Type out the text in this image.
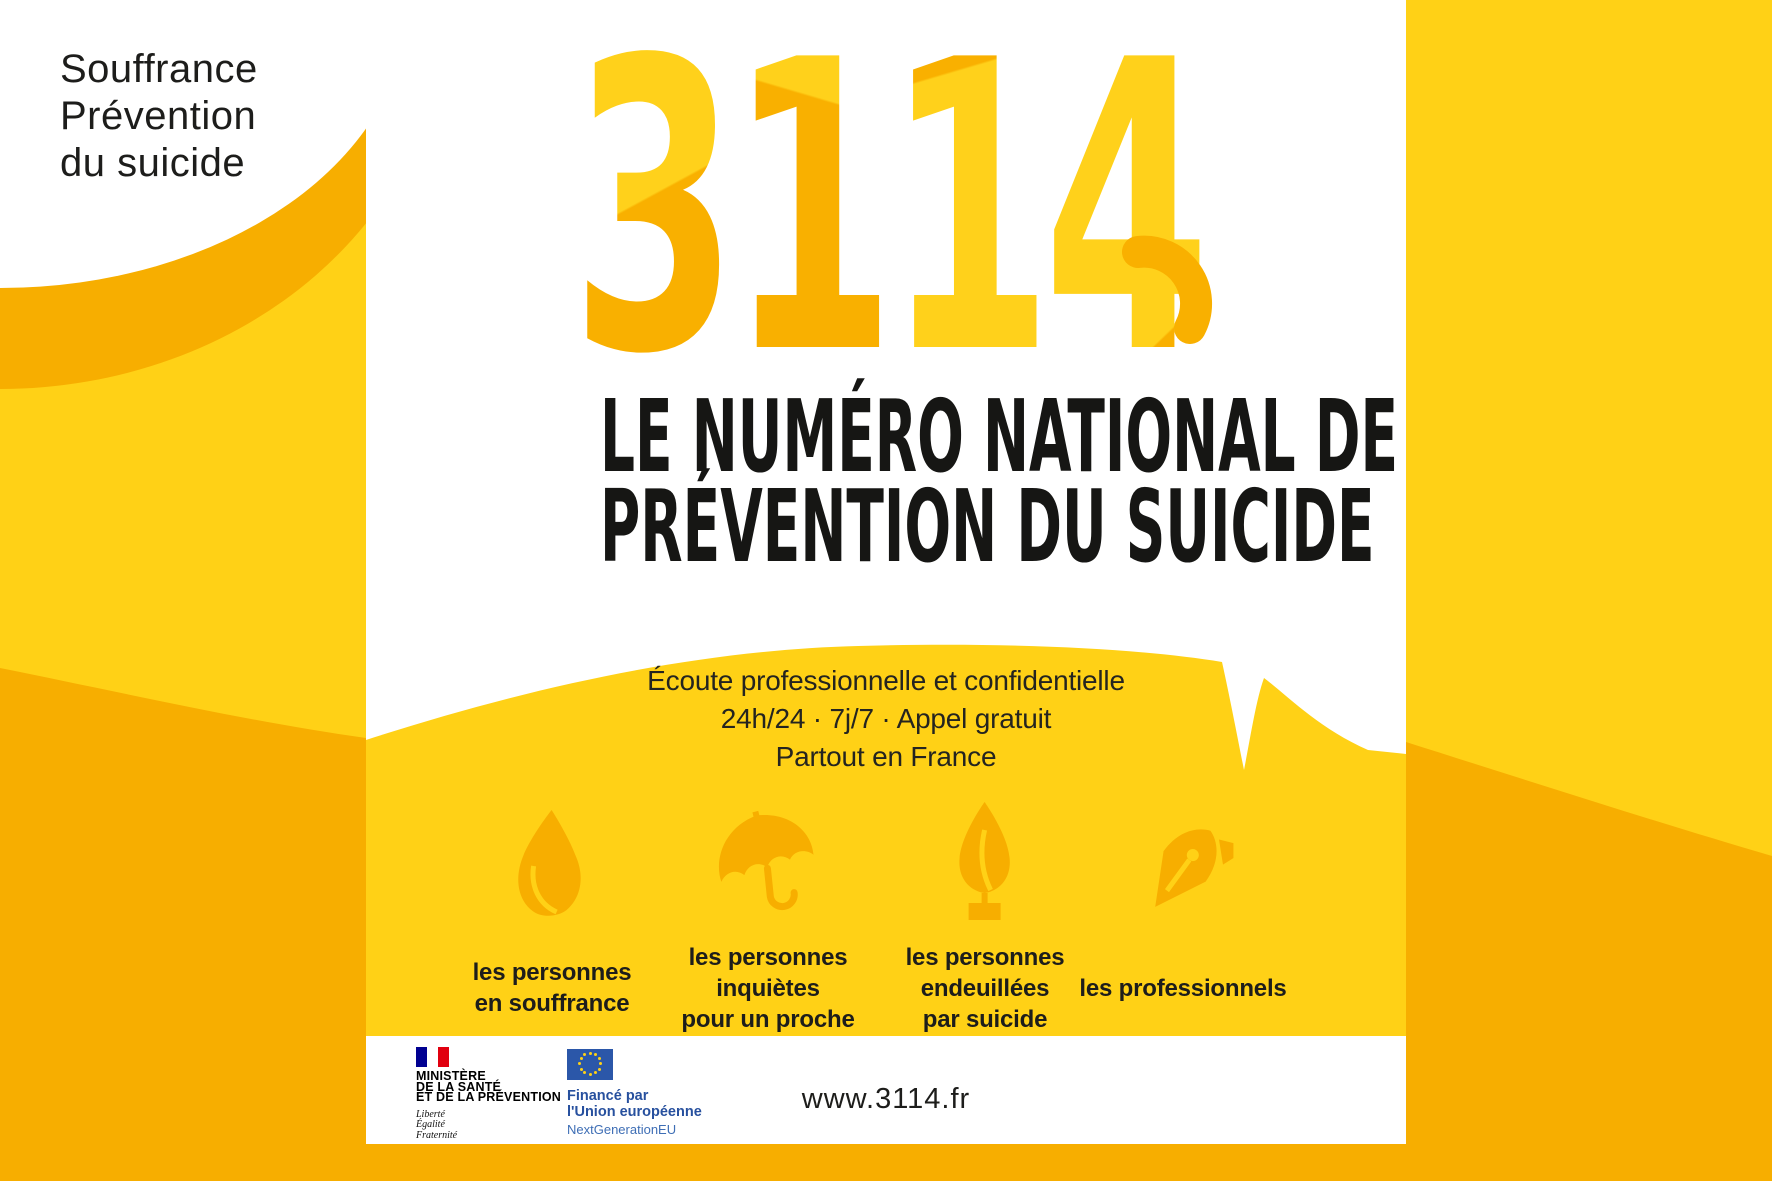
Souffrance
Prévention
du suicide 3 1 1 4
LE NUMÉRO NATIONAL DE
PRÉVENTION DU SUICIDE
Écoute professionnelle et confidentielle
24h/24 · 7j/7 · Appel gratuit
Partout en France
les personnes
en souffrance
les personnes
inquiètes
pour un proche
les personnes
endeuillées
par suicide
les professionnels
MINISTÈRE
DE LA SANTÉ
ET DE LA PRÉVENTION
Liberté
Égalité
Fraternité
Financé par
l'Union européenne
NextGenerationEU
www.3114.fr
